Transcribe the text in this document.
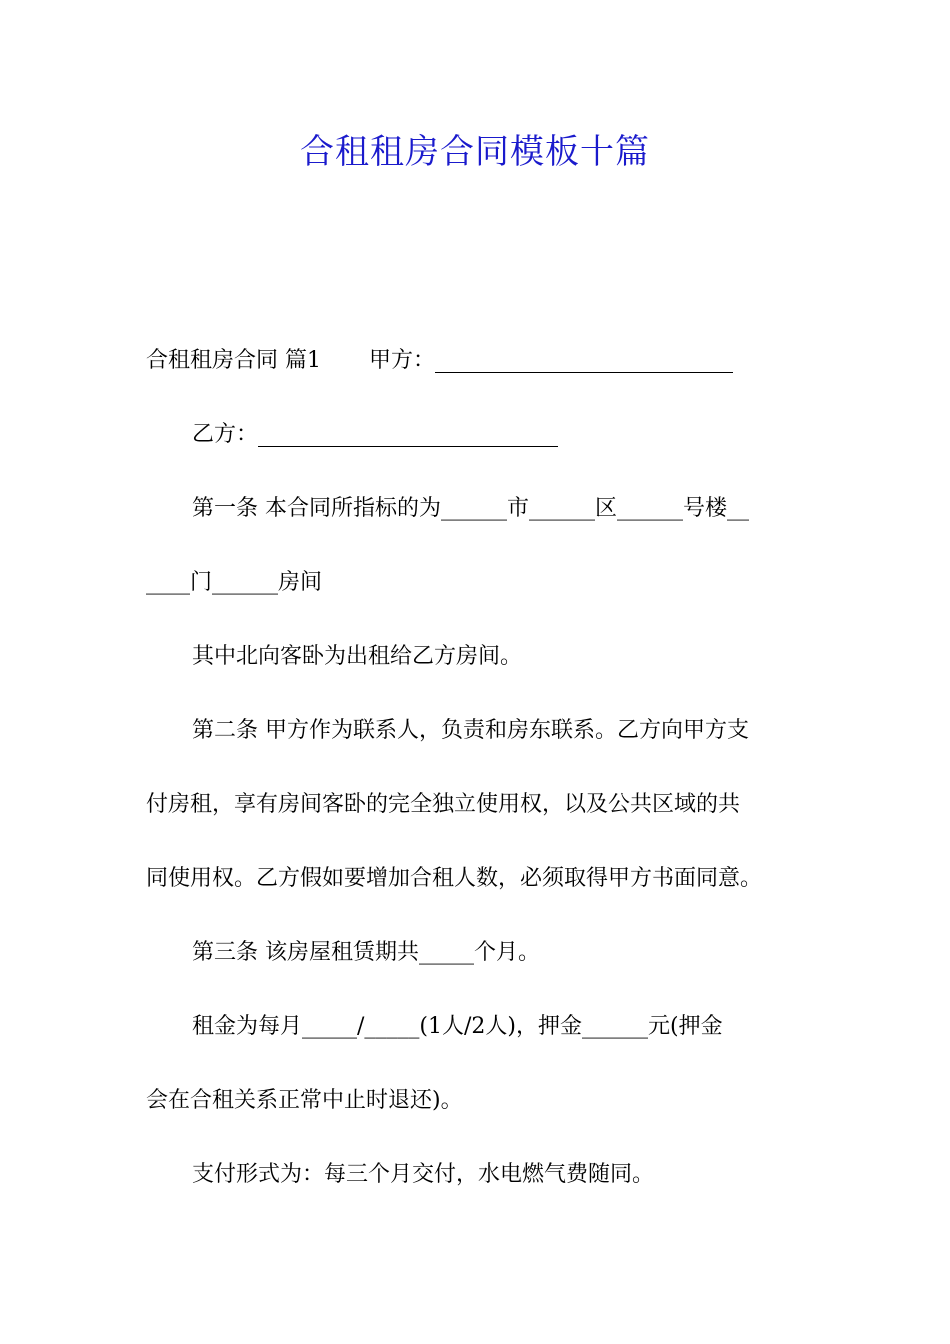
合租租房合同模板十篇
合租租房合同 篇1 甲方：
乙方：
第一条 本合同所指标的为______市______区______号楼__
____门______房间
其中北向客卧为出租给乙方房间。
第二条 甲方作为联系人，负责和房东联系。乙方向甲方支
付房租，享有房间客卧的完全独立使用权，以及公共区域的共
同使用权。乙方假如要增加合租人数，必须取得甲方书面同意。
第三条 该房屋租赁期共_____个月。
租金为每月_____/_____(1人/2人)，押金______元(押金
会在合租关系正常中止时退还)。
支付形式为：每三个月交付，水电燃气费随同。
